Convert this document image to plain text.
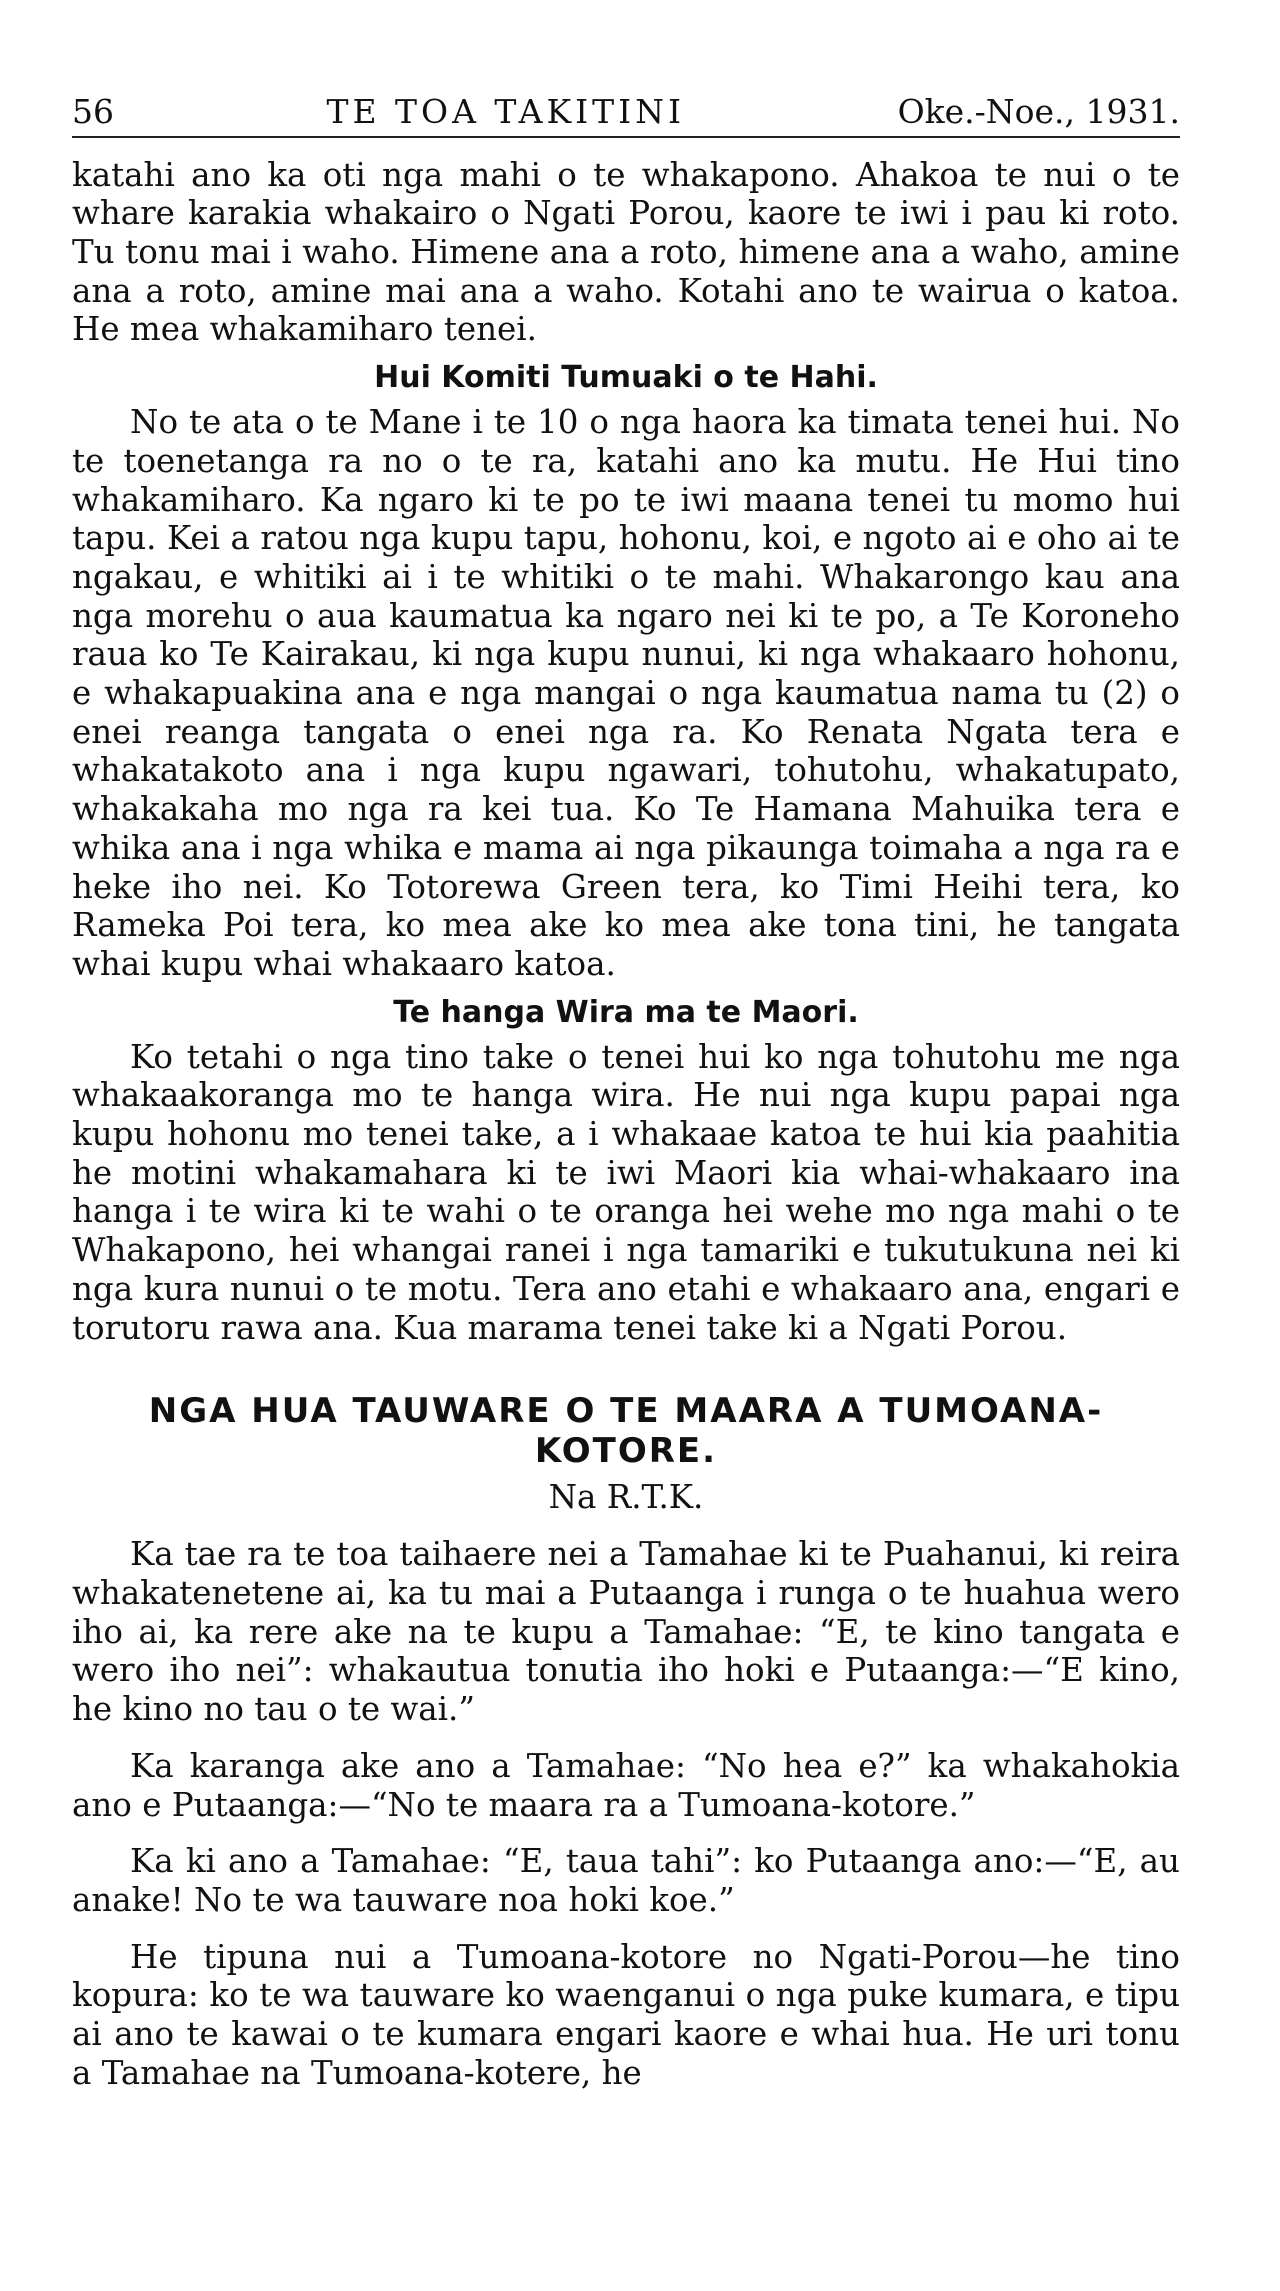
56	TE TOA TAKITINI	Oke.-Noe., 1931.

katahi ano ka oti nga mahi o te whakapono. Ahakoa te nui o te whare karakia whakairo o Ngati Porou, kaore te iwi i pau ki roto. Tu tonu mai i waho. Himene ana a roto, himene ana a waho, amine ana a roto, amine mai ana a waho. Kotahi ano te wairua o katoa. He mea whakamiharo tenei.

Hui Komiti Tumuaki o te Hahi.

No te ata o te Mane i te 10 o nga haora ka timata tenei hui. No te toenetanga ra no o te ra, katahi ano ka mutu. He Hui tino whakamiharo. Ka ngaro ki te po te iwi maana tenei tu momo hui tapu. Kei a ratou nga kupu tapu, hohonu, koi, e ngoto ai e oho ai te ngakau, e whitiki ai i te whitiki o te mahi. Whakarongo kau ana nga morehu o aua kaumatua ka ngaro nei ki te po, a Te Koroneho raua ko Te Kairakau, ki nga kupu nunui, ki nga whakaaro hohonu, e whakapuakina ana e nga mangai o nga kaumatua nama tu (2) o enei reanga tangata o enei nga ra. Ko Renata Ngata tera e whakatakoto ana i nga kupu ngawari, tohutohu, whakatupato, whakakaha mo nga ra kei tua. Ko Te Hamana Mahuika tera e whika ana i nga whika e mama ai nga pikaunga toimaha a nga ra e heke iho nei. Ko Totorewa Green tera, ko Timi Heihi tera, ko Rameka Poi tera, ko mea ake ko mea ake tona tini, he tangata whai kupu whai whakaaro katoa.

Te hanga Wira ma te Maori.

Ko tetahi o nga tino take o tenei hui ko nga tohutohu me nga whakaakoranga mo te hanga wira. He nui nga kupu papai nga kupu hohonu mo tenei take, a i whakaae katoa te hui kia paahitia he motini whakamahara ki te iwi Maori kia whai-whakaaro ina hanga i te wira ki te wahi o te oranga hei wehe mo nga mahi o te Whakapono, hei whangai ranei i nga tamariki e tukutukuna nei ki nga kura nunui o te motu. Tera ano etahi e whakaaro ana, engari e torutoru rawa ana. Kua marama tenei take ki a Ngati Porou.

NGA HUA TAUWARE O TE MAARA A TUMOANA-KOTORE.
Na R.T.K.

Ka tae ra te toa taihaere nei a Tamahae ki te Puahanui, ki reira whakatenetene ai, ka tu mai a Putaanga i runga o te huahua wero iho ai, ka rere ake na te kupu a Tamahae: “E, te kino tangata e wero iho nei”: whakautua tonutia iho hoki e Putaanga:—“E kino, he kino no tau o te wai.”

Ka karanga ake ano a Tamahae: “No hea e?” ka whakahokia ano e Putaanga:—“No te maara ra a Tumoana-kotore.”

Ka ki ano a Tamahae: “E, taua tahi”: ko Putaanga ano:—“E, au anake! No te wa tauware noa hoki koe.”

He tipuna nui a Tumoana-kotore no Ngati-Porou—he tino kopura: ko te wa tauware ko waenganui o nga puke kumara, e tipu ai ano te kawai o te kumara engari kaore e whai hua. He uri tonu a Tamahae na Tumoana-kotere, he
